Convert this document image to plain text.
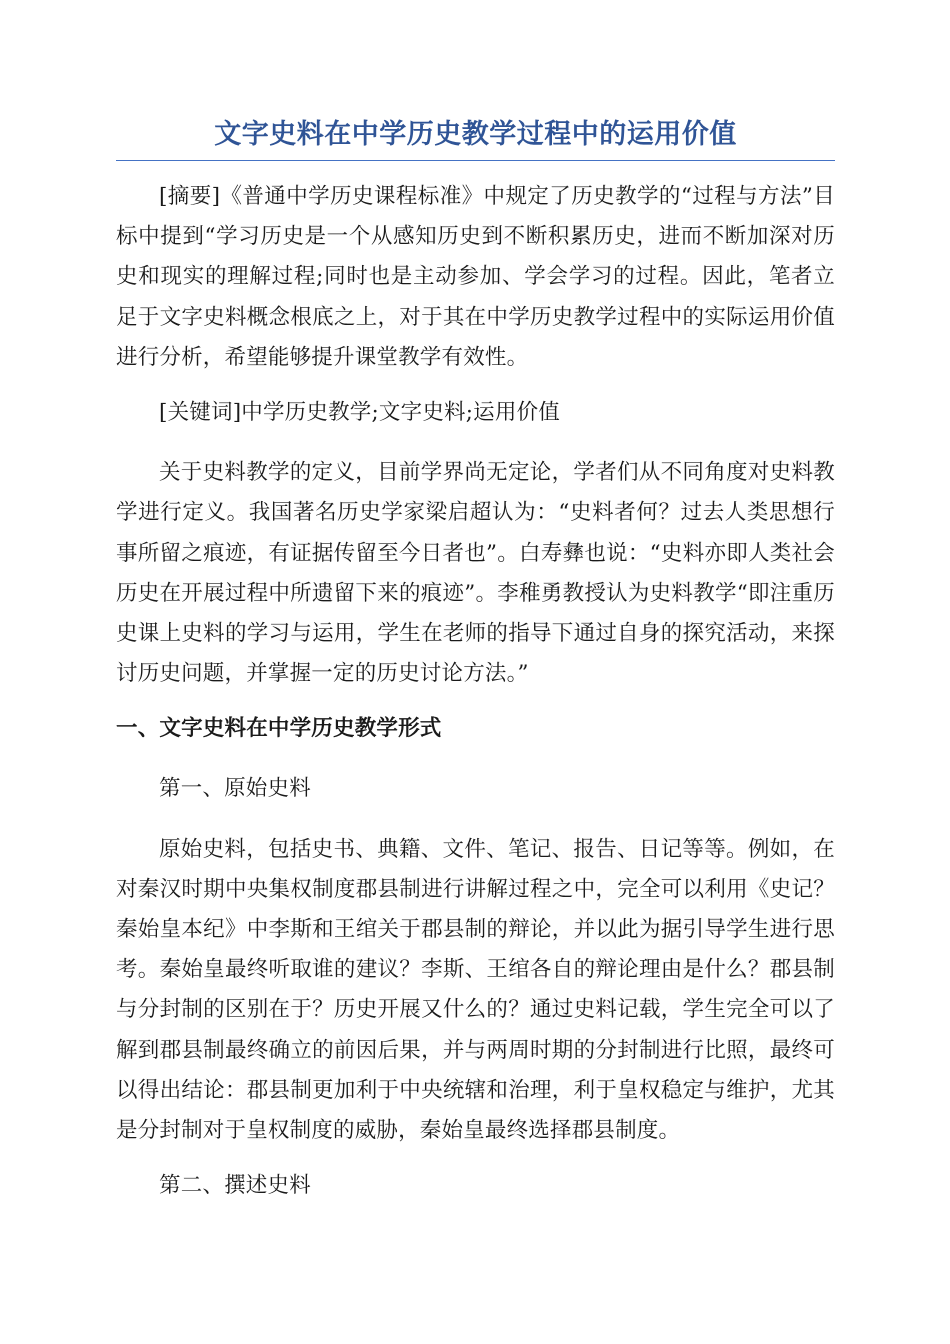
文字史料在中学历史教学过程中的运用价值

[摘要]《普通中学历史课程标准》中规定了历史教学的“过程与方法”目标中提到“学习历史是一个从感知历史到不断积累历史，进而不断加深对历史和现实的理解过程;同时也是主动参加、学会学习的过程。因此，笔者立足于文字史料概念根底之上，对于其在中学历史教学过程中的实际运用价值进行分析，希望能够提升课堂教学有效性。

[关键词]中学历史教学;文字史料;运用价值

关于史料教学的定义，目前学界尚无定论，学者们从不同角度对史料教学进行定义。我国著名历史学家梁启超认为：“史料者何？过去人类思想行事所留之痕迹，有证据传留至今日者也”。白寿彝也说：“史料亦即人类社会历史在开展过程中所遗留下来的痕迹”。李稚勇教授认为史料教学“即注重历史课上史料的学习与运用，学生在老师的指导下通过自身的探究活动，来探讨历史问题，并掌握一定的历史讨论方法。”

一、文字史料在中学历史教学形式

第一、原始史料

原始史料，包括史书、典籍、文件、笔记、报告、日记等等。例如，在对秦汉时期中央集权制度郡县制进行讲解过程之中，完全可以利用《史记？秦始皇本纪》中李斯和王绾关于郡县制的辩论，并以此为据引导学生进行思考。秦始皇最终听取谁的建议？李斯、王绾各自的辩论理由是什么？郡县制与分封制的区别在于？历史开展又什么的？通过史料记载，学生完全可以了解到郡县制最终确立的前因后果，并与两周时期的分封制进行比照，最终可以得出结论：郡县制更加利于中央统辖和治理，利于皇权稳定与维护，尤其是分封制对于皇权制度的威胁，秦始皇最终选择郡县制度。

第二、撰述史料
